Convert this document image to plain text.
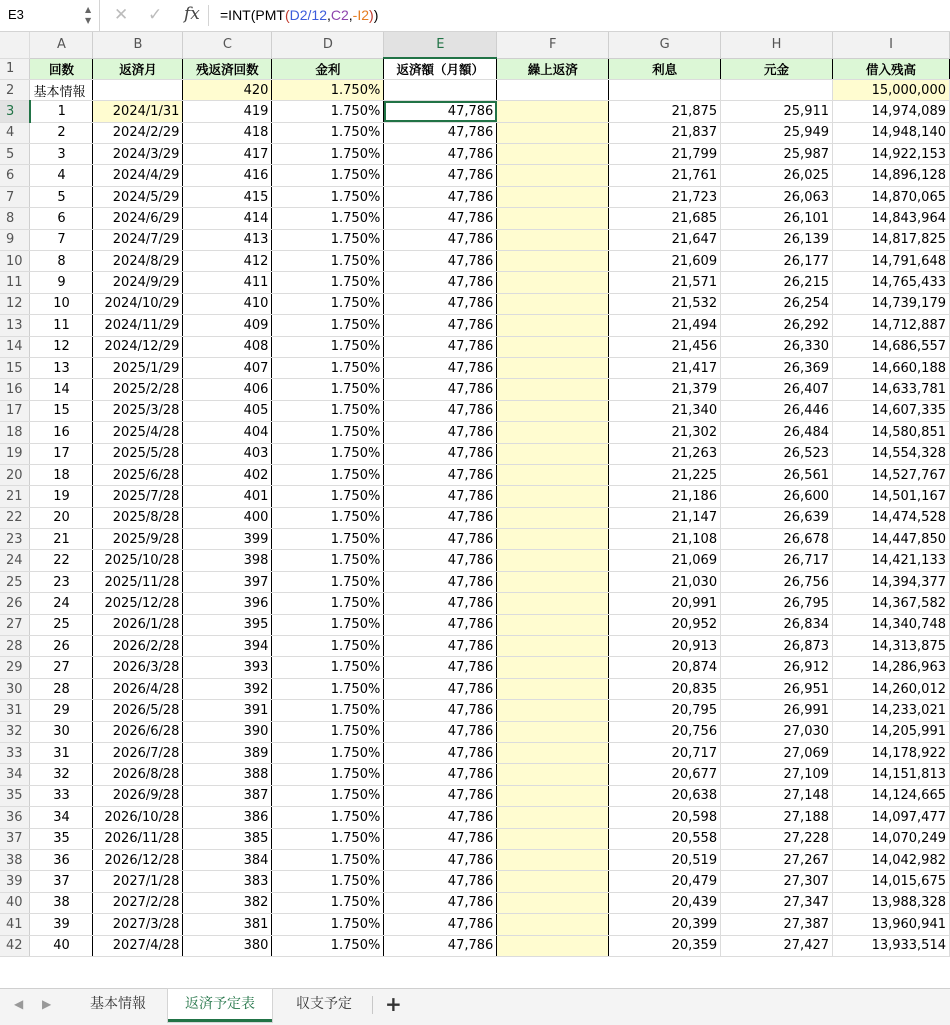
E3	▲
▼ ✕ ✓ fx =INT(PMT(D2/12,C2,-I2))
	A	B	C	D	E	F	G	H	I
1	回数	返済月	残返済回数	金利	返済額（月額）	繰上返済	利息	元金	借入残高
2	基本情報		420	1.750%					15,000,000
3	1	2024/1/31	419	1.750%	47,786		21,875	25,911	14,974,089
4	2	2024/2/29	418	1.750%	47,786		21,837	25,949	14,948,140
5	3	2024/3/29	417	1.750%	47,786		21,799	25,987	14,922,153
6	4	2024/4/29	416	1.750%	47,786		21,761	26,025	14,896,128
7	5	2024/5/29	415	1.750%	47,786		21,723	26,063	14,870,065
8	6	2024/6/29	414	1.750%	47,786		21,685	26,101	14,843,964
9	7	2024/7/29	413	1.750%	47,786		21,647	26,139	14,817,825
10	8	2024/8/29	412	1.750%	47,786		21,609	26,177	14,791,648
11	9	2024/9/29	411	1.750%	47,786		21,571	26,215	14,765,433
12	10	2024/10/29	410	1.750%	47,786		21,532	26,254	14,739,179
13	11	2024/11/29	409	1.750%	47,786		21,494	26,292	14,712,887
14	12	2024/12/29	408	1.750%	47,786		21,456	26,330	14,686,557
15	13	2025/1/29	407	1.750%	47,786		21,417	26,369	14,660,188
16	14	2025/2/28	406	1.750%	47,786		21,379	26,407	14,633,781
17	15	2025/3/28	405	1.750%	47,786		21,340	26,446	14,607,335
18	16	2025/4/28	404	1.750%	47,786		21,302	26,484	14,580,851
19	17	2025/5/28	403	1.750%	47,786		21,263	26,523	14,554,328
20	18	2025/6/28	402	1.750%	47,786		21,225	26,561	14,527,767
21	19	2025/7/28	401	1.750%	47,786		21,186	26,600	14,501,167
22	20	2025/8/28	400	1.750%	47,786		21,147	26,639	14,474,528
23	21	2025/9/28	399	1.750%	47,786		21,108	26,678	14,447,850
24	22	2025/10/28	398	1.750%	47,786		21,069	26,717	14,421,133
25	23	2025/11/28	397	1.750%	47,786		21,030	26,756	14,394,377
26	24	2025/12/28	396	1.750%	47,786		20,991	26,795	14,367,582
27	25	2026/1/28	395	1.750%	47,786		20,952	26,834	14,340,748
28	26	2026/2/28	394	1.750%	47,786		20,913	26,873	14,313,875
29	27	2026/3/28	393	1.750%	47,786		20,874	26,912	14,286,963
30	28	2026/4/28	392	1.750%	47,786		20,835	26,951	14,260,012
31	29	2026/5/28	391	1.750%	47,786		20,795	26,991	14,233,021
32	30	2026/6/28	390	1.750%	47,786		20,756	27,030	14,205,991
33	31	2026/7/28	389	1.750%	47,786		20,717	27,069	14,178,922
34	32	2026/8/28	388	1.750%	47,786		20,677	27,109	14,151,813
35	33	2026/9/28	387	1.750%	47,786		20,638	27,148	14,124,665
36	34	2026/10/28	386	1.750%	47,786		20,598	27,188	14,097,477
37	35	2026/11/28	385	1.750%	47,786		20,558	27,228	14,070,249
38	36	2026/12/28	384	1.750%	47,786		20,519	27,267	14,042,982
39	37	2027/1/28	383	1.750%	47,786		20,479	27,307	14,015,675
40	38	2027/2/28	382	1.750%	47,786		20,439	27,347	13,988,328
41	39	2027/3/28	381	1.750%	47,786		20,399	27,387	13,960,941
42	40	2027/4/28	380	1.750%	47,786		20,359	27,427	13,933,514
◀ ▶	基本情報	返済予定表	収支予定	+
